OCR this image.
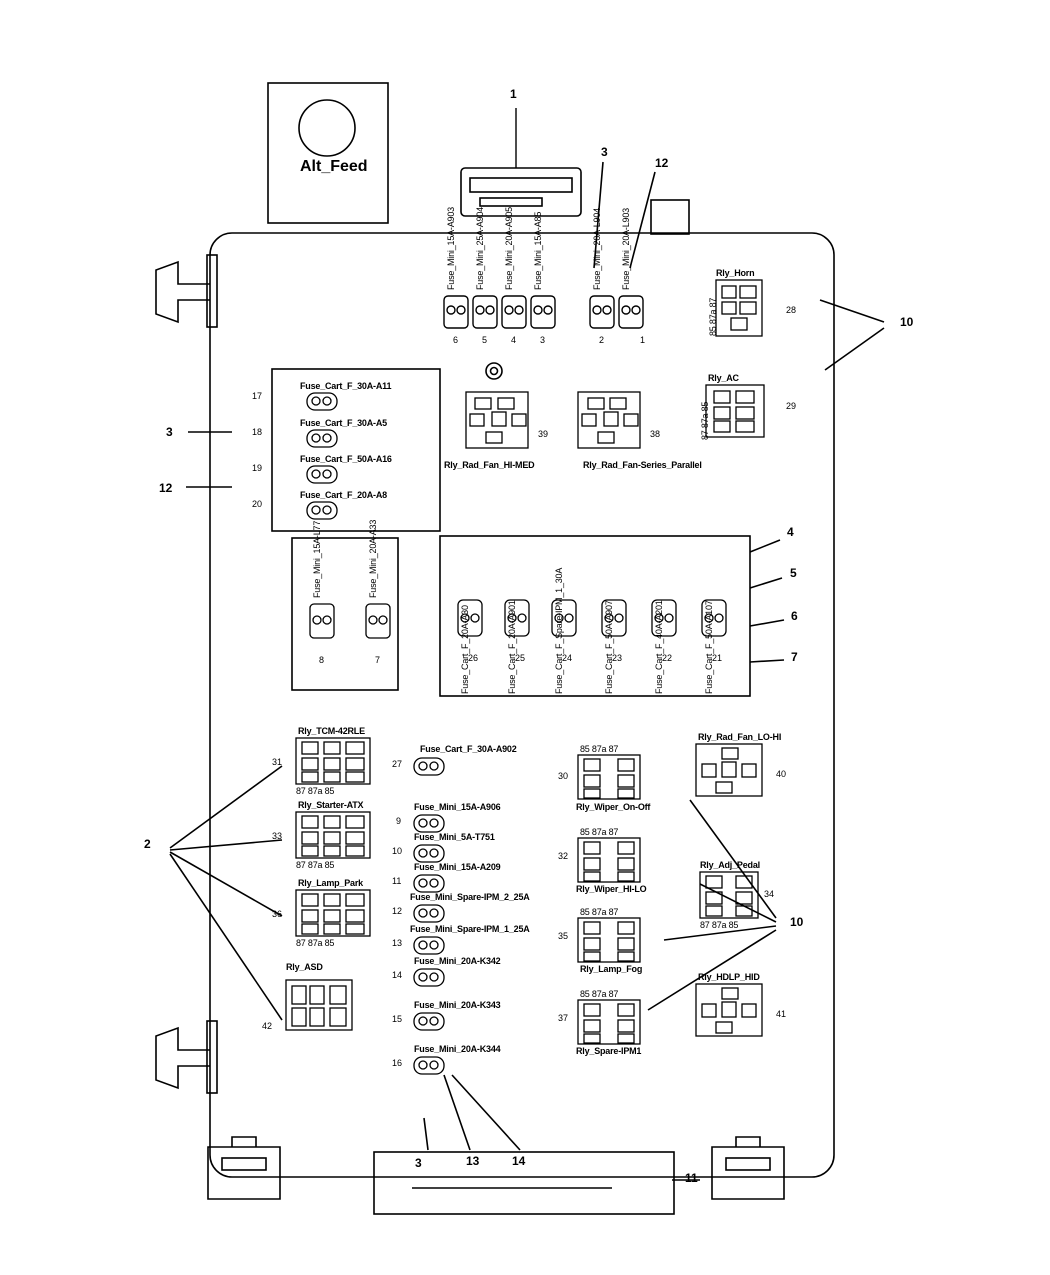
Alt_Feed
1
3
12
10
3
12
4
5
6
7
2
10
3	13	14
11
Fuse_Mini_15A-A903 Fuse_Mini_25A-A904 Fuse_Mini_20A-A905 Fuse_Mini_15A-A85	Fuse_Mini_20A-L904 Fuse_Mini_20A-L903
6	5	4	3	2	1
Rly_Horn
85 87a 87	28
Rly_AC
87 87a 85	29
Rly_Rad_Fan_HI-MED
39
Rly_Rad_Fan-Series_Parallel
38
Fuse_Cart_F_30A-A11
Fuse_Cart_F_30A-A5
Fuse_Cart_F_50A-A16
Fuse_Cart_F_20A-A8
17
18
19
20
Fuse_Mini_15A-L77	Fuse_Mini_20A-A33
8	7	Fuse_Cart_F_20A-A30	Fuse_Cart_F_20A-A901	Fuse_Cart_F_Spare-IPM_1_30A	Fuse_Cart_F_50A-A907	Fuse_Cart_F_40A-A201	Fuse_Cart_F_50A-A107
26	25	24	23	22	21
Rly_TCM-42RLE
87 87a 85
31
Rly_Starter-ATX
87 87a 85
33
Rly_Lamp_Park
87 87a 85
36
Rly_ASD
42
Fuse_Cart_F_30A-A902
Fuse_Mini_15A-A906
Fuse_Mini_5A-T751
Fuse_Mini_15A-A209
Fuse_Mini_Spare-IPM_2_25A
Fuse_Mini_Spare-IPM_1_25A
Fuse_Mini_20A-K342
Fuse_Mini_20A-K343
Fuse_Mini_20A-K344
27
9
10
11
12
13
14
15
16
85 87a 87
Rly_Wiper_On-Off
30
85 87a 87
Rly_Wiper_HI-LO
32
85 87a 87
Rly_Lamp_Fog
35
85 87a 87
Rly_Spare-IPM1
37
Rly_Rad_Fan_LO-HI
40
Rly_Adj_Pedal
87 87a 85
34
Rly_HDLP_HID
41
